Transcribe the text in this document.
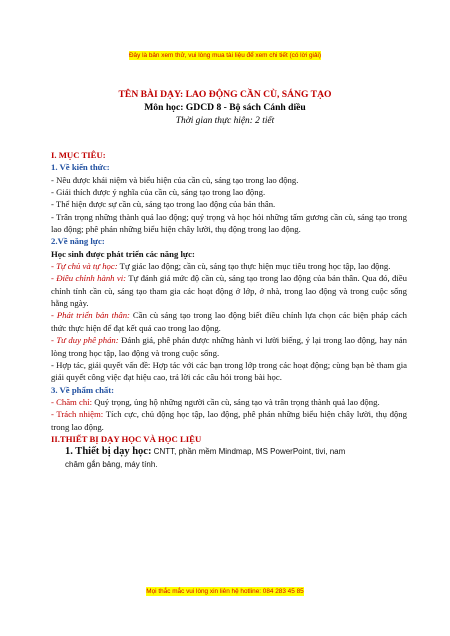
Đây là bản xem thử, vui lòng mua tài liệu để xem chi tiết (có lời giải)
TÊN BÀI DẠY: LAO ĐỘNG CẦN CÙ, SÁNG TẠO
Môn học: GDCD 8 - Bộ sách Cánh diều
Thời gian thực hiện: 2 tiết

I. MỤC TIÊU:

1. Về kiến thức:

- Nêu được khái niệm và biểu hiện của cần cù, sáng tạo trong lao động.

- Giải thích được ý nghĩa của cần cù, sáng tạo trong lao động.

- Thể hiện được sự cần cù, sáng tạo trong lao động của bản thân.

- Trân trọng những thành quả lao động; quý trọng và học hỏi những tấm gương cần cù, sáng tạo trong lao động; phê phán những biểu hiện chây lười, thụ động trong lao động.

2.Về năng lực:

Học sinh được phát triển các năng lực:

- Tự chủ và tự học: Tự giác lao động; cần cù, sáng tạo thực hiện mục tiêu trong học tập, lao động.

- Điều chỉnh hành vi: Tự đánh giá mức độ cần cù, sáng tạo trong lao động của bản thân. Qua đó, điều chỉnh tính cần cù, sáng tạo tham gia các hoạt động ở lớp, ở nhà, trong lao động và trong cuộc sống hằng ngày.

- Phát triển bản thân: Cần cù sáng tạo trong lao động biết điều chỉnh lựa chọn các biện pháp cách thức thực hiện để đạt kết quả cao trong lao động.

- Tư duy phê phán: Đánh giá, phê phán được những hành vi lười biếng, ỷ lại trong lao động, hay nản lòng trong học tập, lao động và trong cuộc sống.

- Hợp tác, giải quyết vấn đề: Hợp tác với các bạn trong lớp trong các hoạt động; cùng bạn bè tham gia giải quyết công việc đạt hiệu cao, trả lời các câu hỏi trong bài học.

3. Về phẩm chất:

- Chăm chỉ: Quý trọng, ủng hộ những người cần cù, sáng tạo và trân trọng thành quả lao động.

- Trách nhiệm: Tích cực, chủ động học tập, lao động, phê phán những biểu hiện chây lười, thụ động trong lao động.

II.THIẾT BỊ DẠY HỌC VÀ HỌC LIỆU

1. Thiết bị dạy học: CNTT, phần mềm Mindmap, MS PowerPoint, tivi, nam

châm gắn bảng, máy tính.

Mọi thắc mắc vui lòng xin liên hệ hotline: 084 283 45 85
